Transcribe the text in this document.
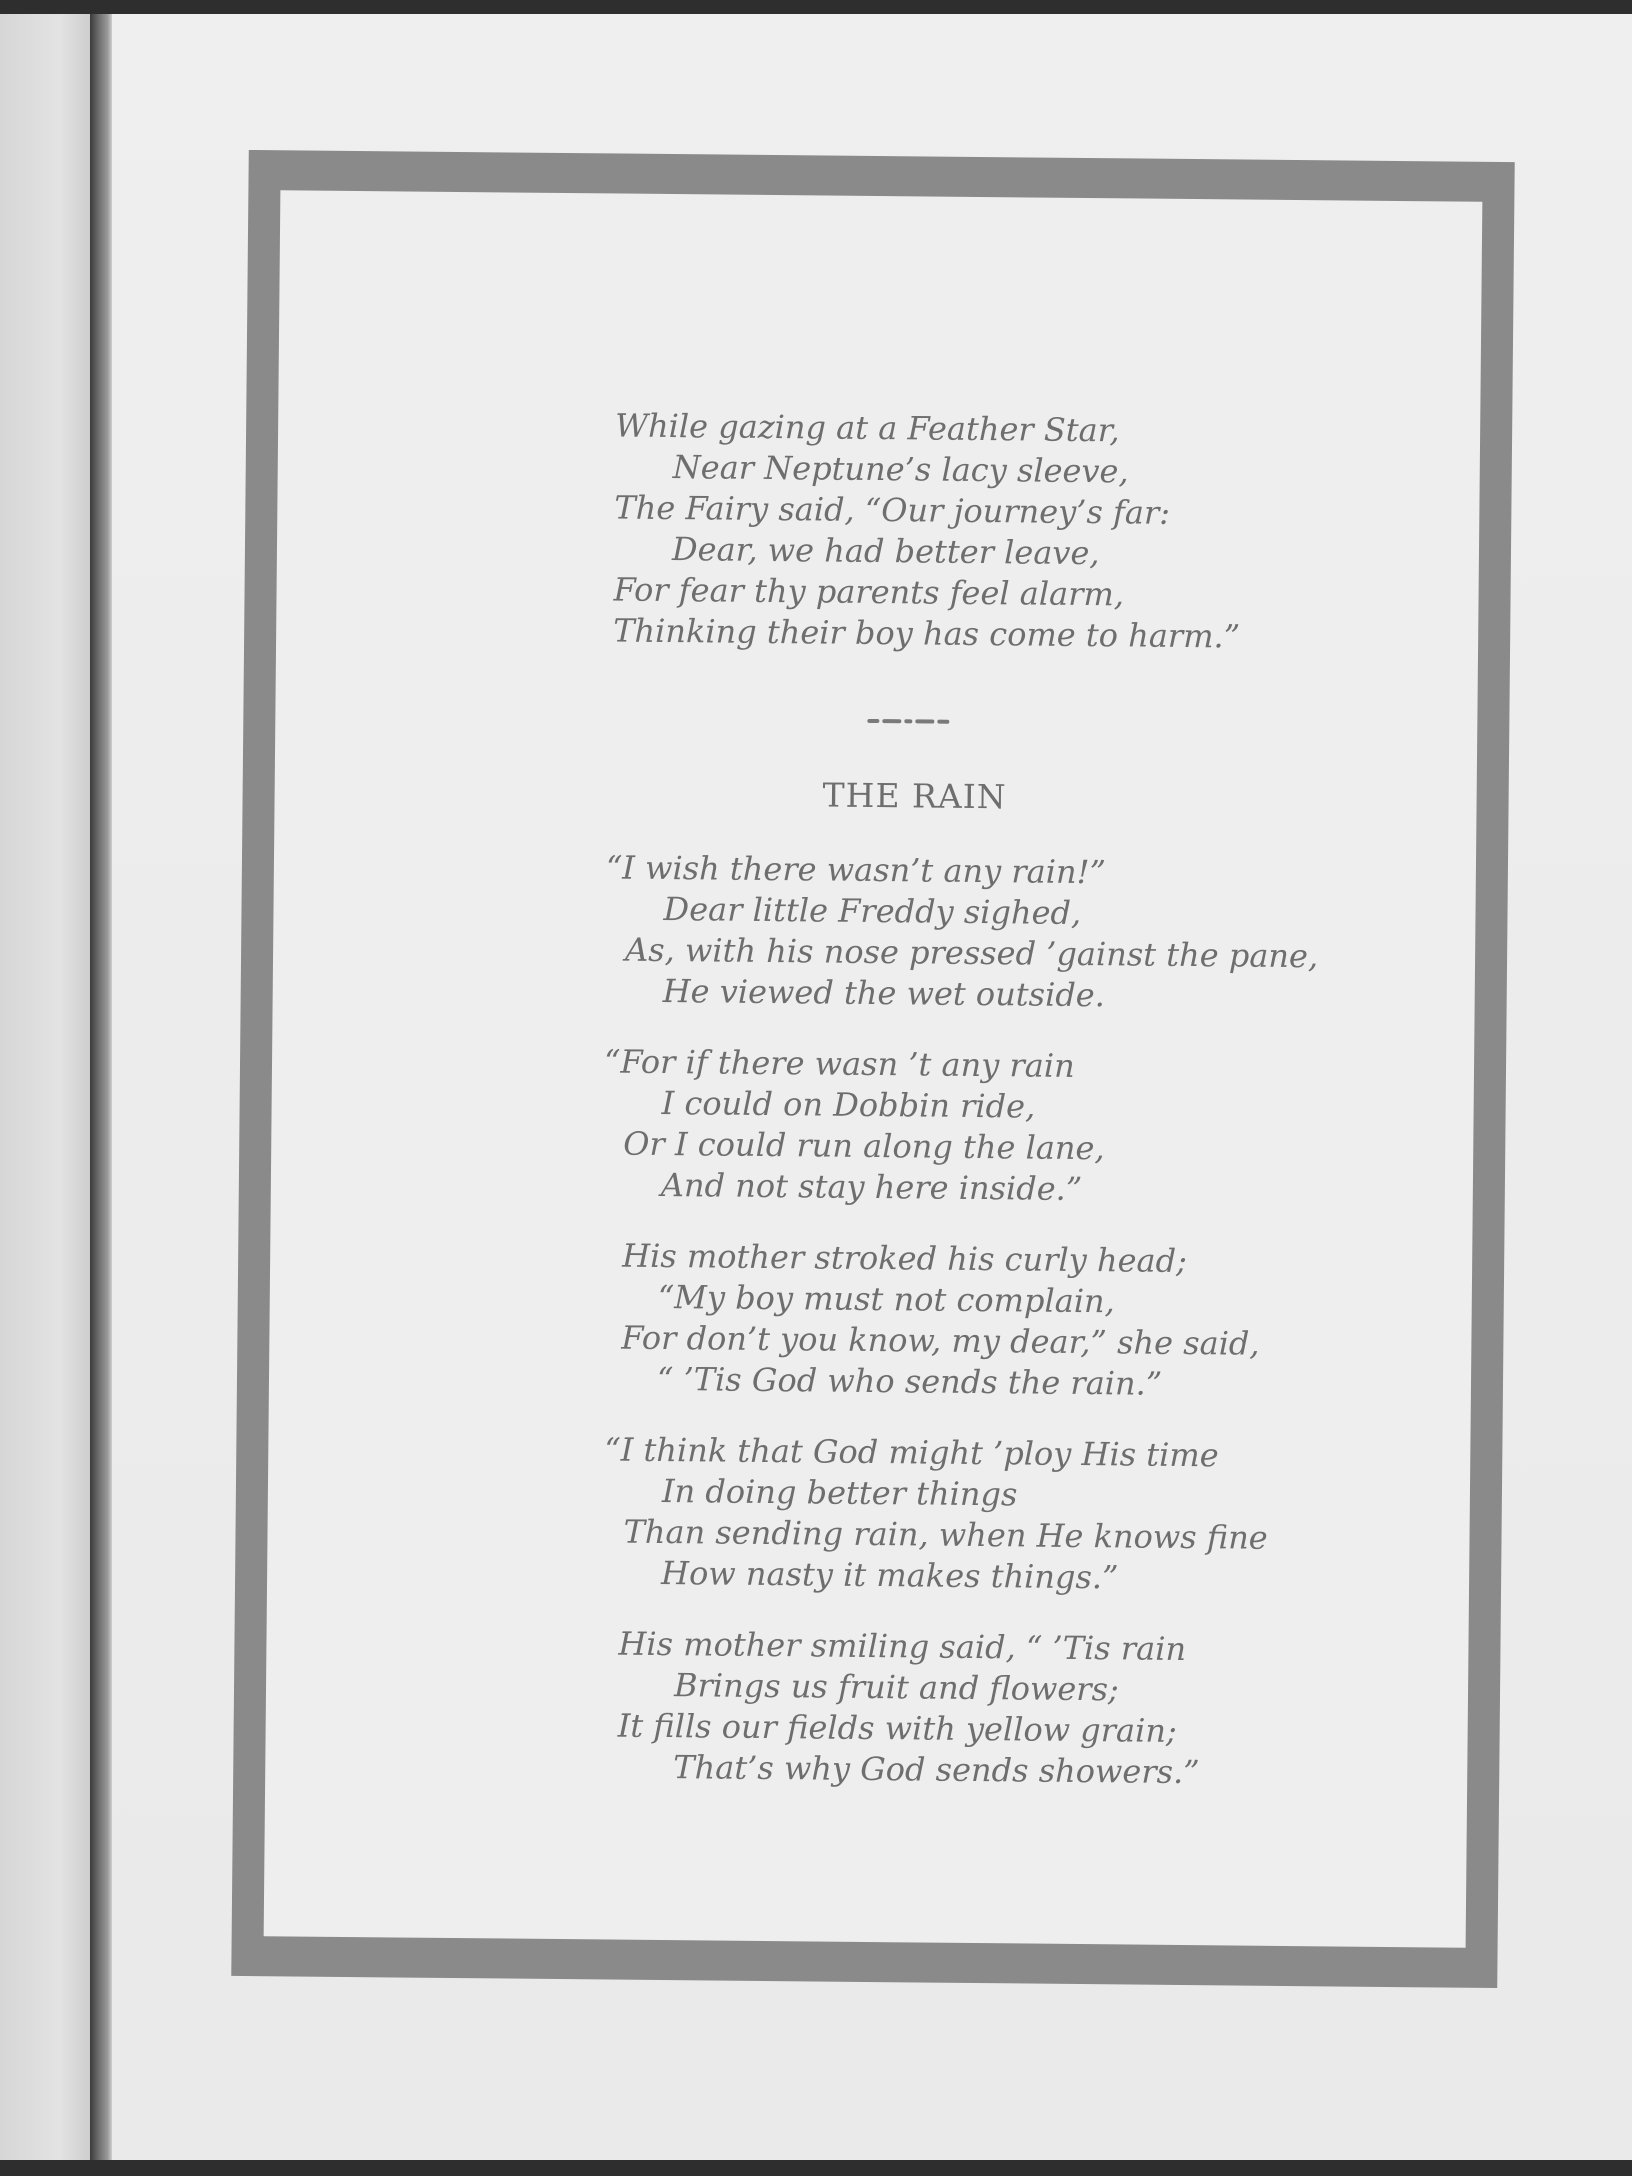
While gazing at a Feather Star,
Near Neptune’s lacy sleeve,
The Fairy said, “Our journey’s far:
Dear, we had better leave,
For fear thy parents feel alarm,
Thinking their boy has come to harm.”
THE RAIN
“I wish there wasn’t any rain!”
Dear little Freddy sighed,
As, with his nose pressed ’gainst the pane,
He viewed the wet outside.
“For if there wasn ’t any rain
I could on Dobbin ride,
Or I could run along the lane,
And not stay here inside.”
His mother stroked his curly head;
“My boy must not complain,
For don’t you know, my dear,” she said,
“ ’Tis God who sends the rain.”
“I think that God might ’ploy His time
In doing better things
Than sending rain, when He knows fine
How nasty it makes things.”
His mother smiling said, “ ’Tis rain
Brings us fruit and flowers;
It fills our fields with yellow grain;
That’s why God sends showers.”
